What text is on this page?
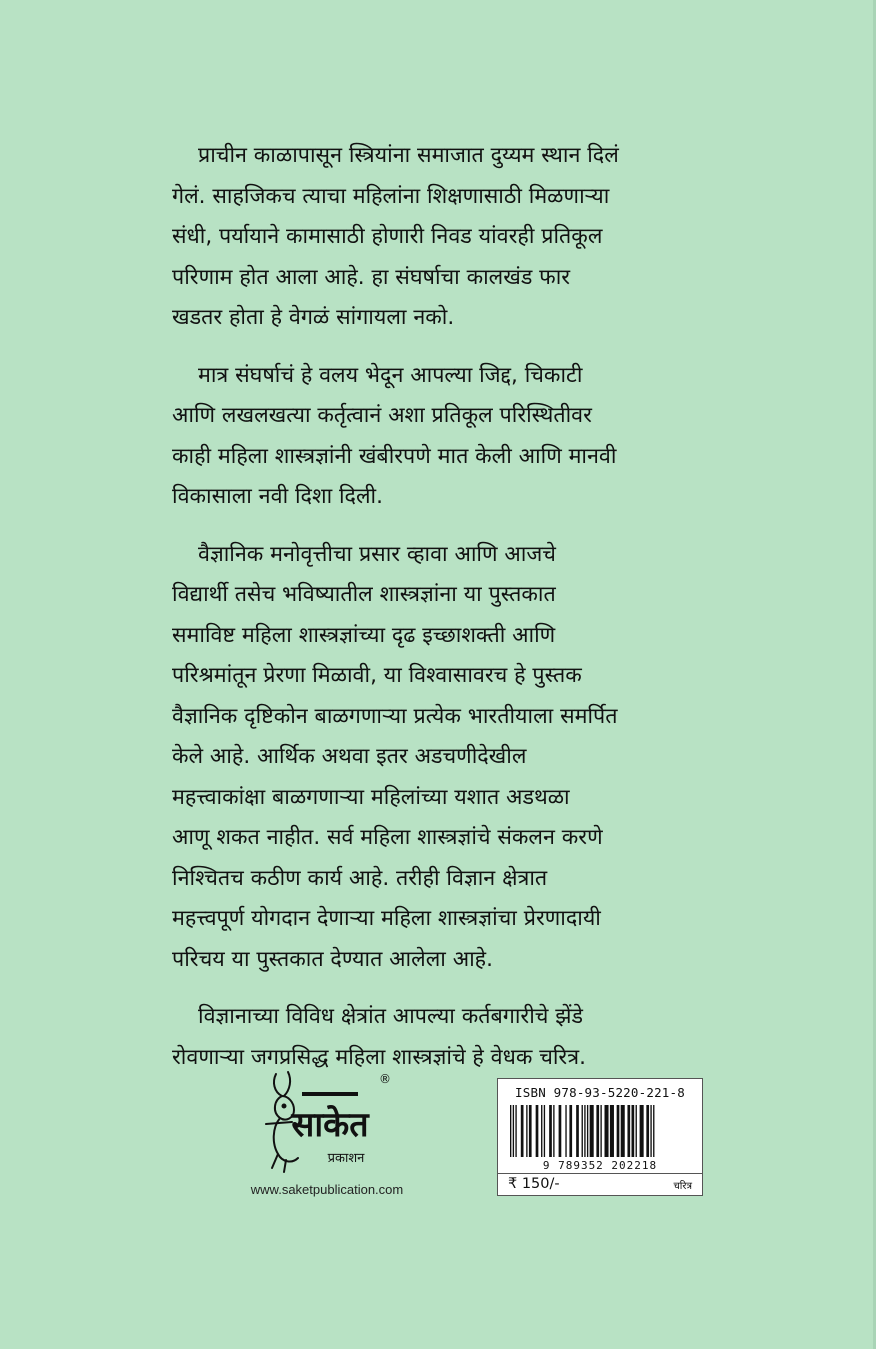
प्राचीन काळापासून स्त्रियांना समाजात दुय्यम स्थान दिलं
गेलं. साहजिकच त्याचा महिलांना शिक्षणासाठी मिळणाऱ्या
संधी, पर्यायाने कामासाठी होणारी निवड यांवरही प्रतिकूल
परिणाम होत आला आहे. हा संघर्षाचा कालखंड फार
खडतर होता हे वेगळं सांगायला नको.

मात्र संघर्षाचं हे वलय भेदून आपल्या जिद्द, चिकाटी
आणि लखलखत्या कर्तृत्वानं अशा प्रतिकूल परिस्थितीवर
काही महिला शास्त्रज्ञांनी खंबीरपणे मात केली आणि मानवी
विकासाला नवी दिशा दिली.

वैज्ञानिक मनोवृत्तीचा प्रसार व्हावा आणि आजचे
विद्यार्थी तसेच भविष्यातील शास्त्रज्ञांना या पुस्तकात
समाविष्ट महिला शास्त्रज्ञांच्या दृढ इच्छाशक्ती आणि
परिश्रमांतून प्रेरणा मिळावी, या विश्वासावरच हे पुस्तक
वैज्ञानिक दृष्टिकोन बाळगणाऱ्या प्रत्येक भारतीयाला समर्पित
केले आहे. आर्थिक अथवा इतर अडचणीदेखील
महत्त्वाकांक्षा बाळगणाऱ्या महिलांच्या यशात अडथळा
आणू शकत नाहीत. सर्व महिला शास्त्रज्ञांचे संकलन करणे
निश्चितच कठीण कार्य आहे. तरीही विज्ञान क्षेत्रात
महत्त्वपूर्ण योगदान देणाऱ्या महिला शास्त्रज्ञांचा प्रेरणादायी
परिचय या पुस्तकात देण्यात आलेला आहे.

विज्ञानाच्या विविध क्षेत्रांत आपल्या कर्तबगारीचे झेंडे
रोवणाऱ्या जगप्रसिद्ध महिला शास्त्रज्ञांचे हे वेधक चरित्र.

साकेत
प्रकाशन
®
www.saketpublication.com
ISBN 978-93-5220-221-8
9 789352 202218
₹ 150/-	चरित्र
